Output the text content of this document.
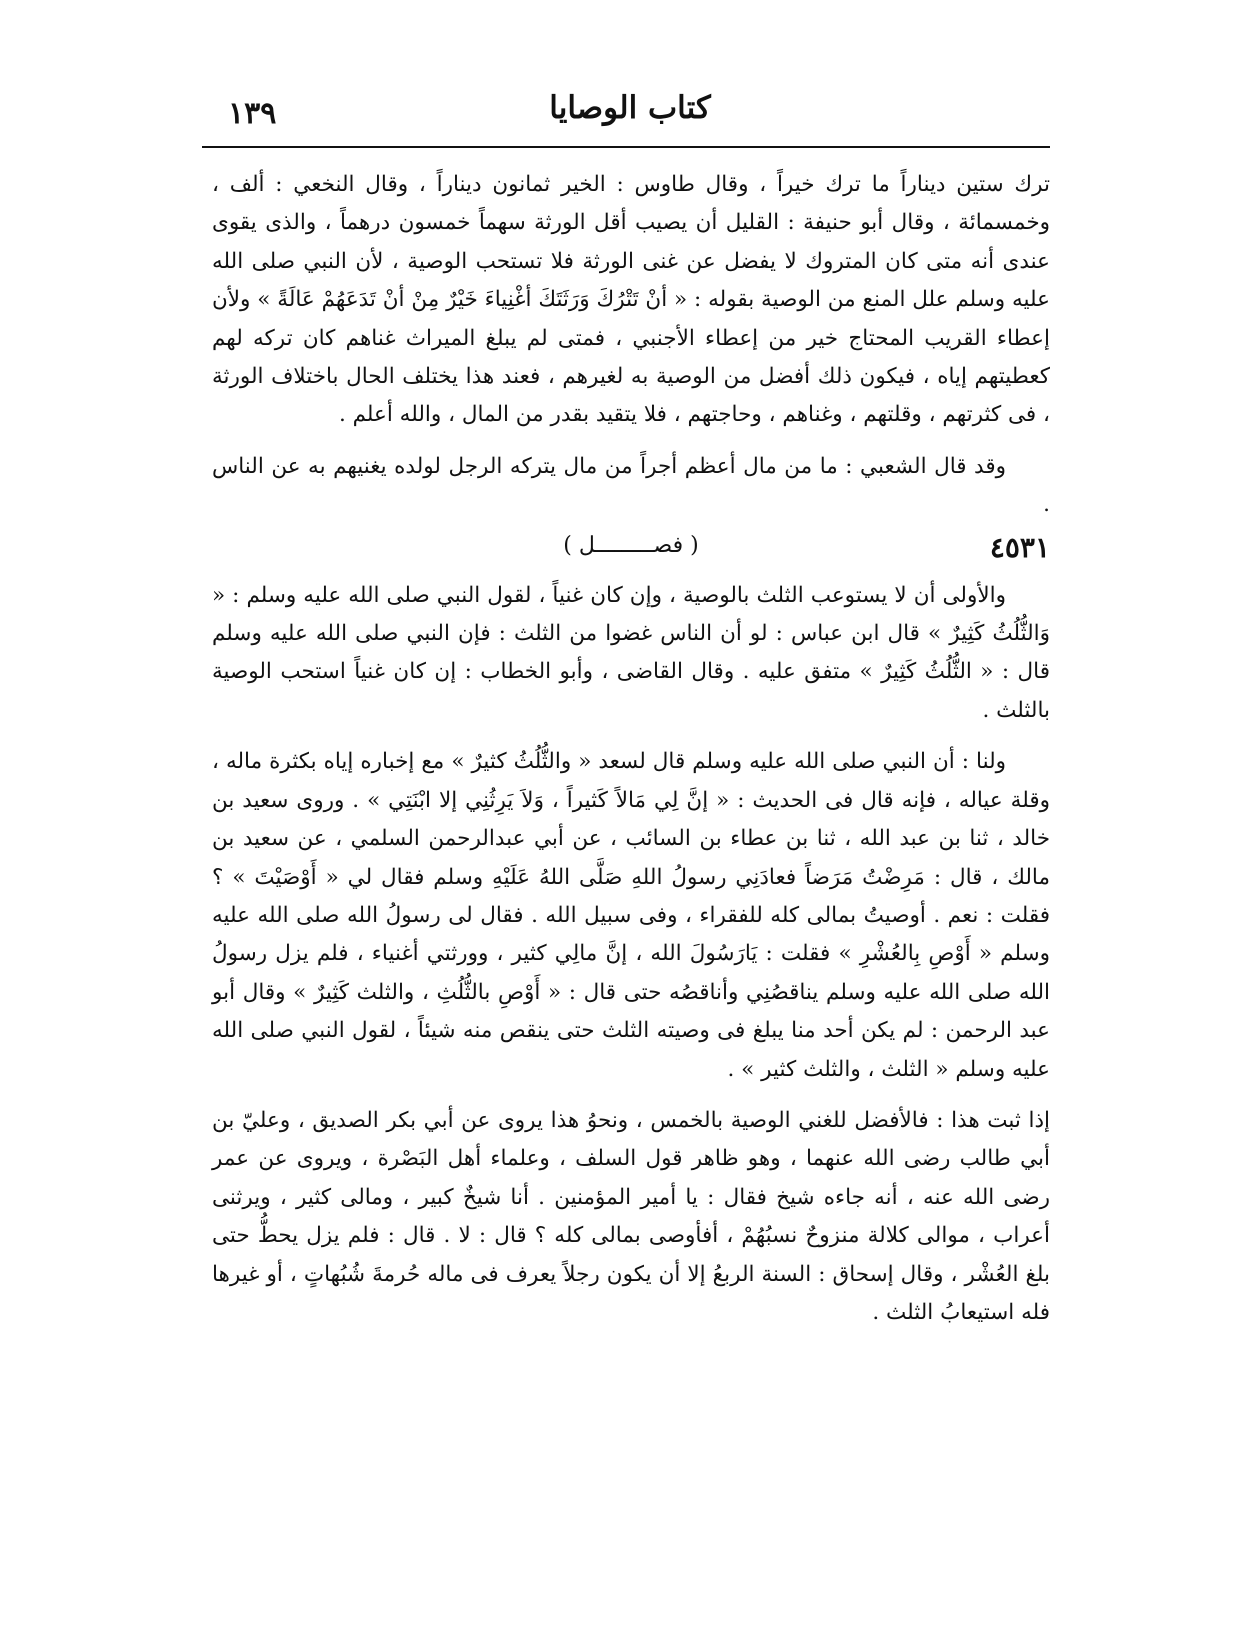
١٣٩	كتاب الوصايا

ترك ستين ديناراً ما ترك خيراً ، وقال طاوس : الخير ثمانون ديناراً ، وقال النخعي : ألف ، وخمسمائة ، وقال أبو حنيفة : القليل أن يصيب أقل الورثة سهماً خمسون درهماً ، والذى يقوى عندى أنه متى كان المتروك لا يفضل عن غنى الورثة فلا تستحب الوصية ، لأن النبي صلى الله عليه وسلم علل المنع من الوصية بقوله : « أنْ تَتْرُكَ وَرَثَتَكَ أغْنِياءَ خَيْرٌ مِنْ أنْ تَدَعَهُمْ عَالَةً » ولأن إعطاء القريب المحتاج خير من إعطاء الأجنبي ، فمتى لم يبلغ الميراث غناهم كان تركه لهم كعطيتهم إياه ، فيكون ذلك أفضل من الوصية به لغيرهم ، فعند هذا يختلف الحال باختلاف الورثة ، فى كثرتهم ، وقلتهم ، وغناهم ، وحاجتهم ، فلا يتقيد بقدر من المال ، والله أعلم .

وقد قال الشعبي : ما من مال أعظم أجراً من مال يتركه الرجل لولده يغنيهم به عن الناس .

٤٥٣١
( فصـــــــــل )

والأولى أن لا يستوعب الثلث بالوصية ، وإن كان غنياً ، لقول النبي صلى الله عليه وسلم : « وَالثُّلُثُ كَثِيرٌ » قال ابن عباس : لو أن الناس غضوا من الثلث : فإن النبي صلى الله عليه وسلم قال : « الثُّلُثُ كَثِيرٌ » متفق عليه . وقال القاضى ، وأبو الخطاب : إن كان غنياً استحب الوصية بالثلث .

ولنا : أن النبي صلى الله عليه وسلم قال لسعد « والثُّلُثُ كثيرٌ » مع إخباره إياه بكثرة ماله ، وقلة عياله ، فإنه قال فى الحديث : « إنَّ لِي مَالاً كَثيراً ، وَلاَ يَرِثُنِي إلا ابْنَتِي » . وروى سعيد بن خالد ، ثنا بن عبد الله ، ثنا بن عطاء بن السائب ، عن أبي عبدالرحمن السلمي ، عن سعيد بن مالك ، قال : مَرِضْتُ مَرَضاً فعادَنِي رسولُ اللهِ صَلَّى اللهُ عَلَيْهِ وسلم فقال لي « أَوْصَيْتَ » ؟ فقلت : نعم . أوصيتُ بمالى كله للفقراء ، وفى سبيل الله . فقال لى رسولُ الله صلى الله عليه وسلم « أَوْصِ بِالعُشْرِ » فقلت : يَارَسُولَ الله ، إنَّ مالِي كثير ، وورثتي أغنياء ، فلم يزل رسولُ الله صلى الله عليه وسلم يناقصُنِي وأناقصُه حتى قال : « أَوْصِ بالثُّلُثِ ، والثلث كَثِيرٌ » وقال أبو عبد الرحمن : لم يكن أحد منا يبلغ فى وصيته الثلث حتى ينقص منه شيئاً ، لقول النبي صلى الله عليه وسلم « الثلث ، والثلث كثير » .

إذا ثبت هذا : فالأفضل للغني الوصية بالخمس ، ونحوُ هذا يروى عن أبي بكر الصديق ، وعليّ بن أبي طالب رضى الله عنهما ، وهو ظاهر قول السلف ، وعلماء أهل البَصْرة ، ويروى عن عمر رضى الله عنه ، أنه جاءه شيخ فقال : يا أمير المؤمنين . أنا شيخٌ كبير ، ومالى كثير ، ويرثنى أعراب ، موالى كلالة منزوحٌ نسبُهُمْ ، أفأوصى بمالى كله ؟ قال : لا . قال : فلم يزل يحطُّ حتى بلغ العُشْر ، وقال إسحاق : السنة الربعُ إلا أن يكون رجلاً يعرف فى ماله حُرمةَ شُبُهاتٍ ، أو غيرها فله استيعابُ الثلث .
